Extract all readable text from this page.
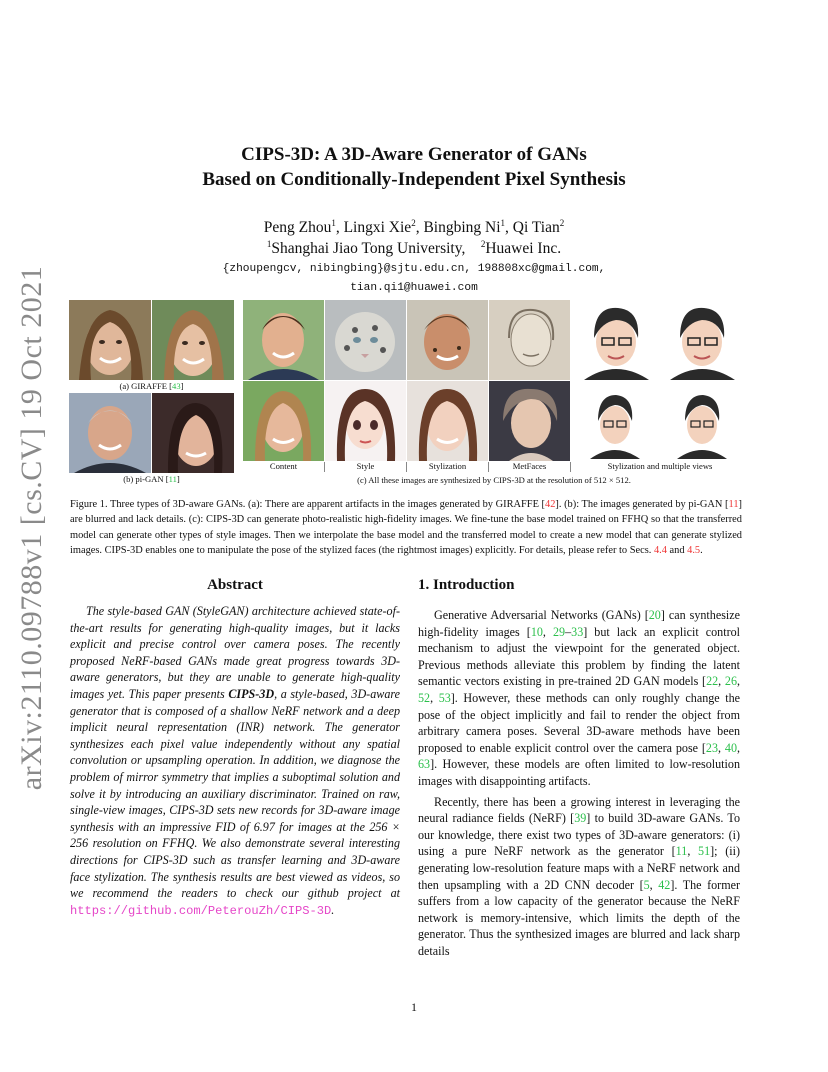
arXiv:2110.09788v1 [cs.CV] 19 Oct 2021
CIPS-3D: A 3D-Aware Generator of GANs
Based on Conditionally-Independent Pixel Synthesis
Peng Zhou$^1$, Lingxi Xie$^2$, Bingbing Ni$^1$, Qi Tian$^2$
$^1$Shanghai Jiao Tong University, $^2$Huawei Inc.
{zhoupengcv, nibingbing}@sjtu.edu.cn, 198808xc@gmail.com,
tian.qi1@huawei.com
(a) GIRAFFE [43]
(b) pi-GAN [11]
Content	Style	Stylization	MetFaces	Stylization and multiple views
(c) All these images are synthesized by CIPS-3D at the resolution of 512 × 512.
Figure 1. Three types of 3D-aware GANs. (a): There are apparent artifacts in the images generated by GIRAFFE [42]. (b): The images generated by pi-GAN [11] are blurred and lack details. (c): CIPS-3D can generate photo-realistic high-fidelity images. We fine-tune the base model trained on FFHQ so that the transferred model can generate other types of style images. Then we interpolate the base model and the transferred model to create a new model that can generate stylized images. CIPS-3D enables one to manipulate the pose of the stylized faces (the rightmost images) explicitly. For details, please refer to Secs. 4.4 and 4.5.
Abstract
The style-based GAN (StyleGAN) architecture achieved state-of-the-art results for generating high-quality images, but it lacks explicit and precise control over camera poses. The recently proposed NeRF-based GANs made great progress towards 3D-aware generators, but they are unable to generate high-quality images yet. This paper presents CIPS-3D, a style-based, 3D-aware generator that is composed of a shallow NeRF network and a deep implicit neural representation (INR) network. The generator synthesizes each pixel value independently without any spatial convolution or upsampling operation. In addition, we diagnose the problem of mirror symmetry that implies a suboptimal solution and solve it by introducing an auxiliary discriminator. Trained on raw, single-view images, CIPS-3D sets new records for 3D-aware image synthesis with an impressive FID of 6.97 for images at the 256 × 256 resolution on FFHQ. We also demonstrate several interesting directions for CIPS-3D such as transfer learning and 3D-aware face stylization. The synthesis results are best viewed as videos, so we recommend the readers to check our github project at https://github.com/PeterouZh/CIPS-3D.
1. Introduction

Generative Adversarial Networks (GANs) [20] can synthesize high-fidelity images [10, 29–33] but lack an explicit control mechanism to adjust the viewpoint for the generated object. Previous methods alleviate this problem by finding the latent semantic vectors existing in pre-trained 2D GAN models [22, 26, 52, 53]. However, these methods can only roughly change the pose of the object implicitly and fail to render the object from arbitrary camera poses. Several 3D-aware methods have been proposed to enable explicit control over the camera pose [23, 40, 63]. However, these models are often limited to low-resolution images with disappointing artifacts.

Recently, there has been a growing interest in leveraging the neural radiance fields (NeRF) [39] to build 3D-aware GANs. To our knowledge, there exist two types of 3D-aware generators: (i) using a pure NeRF network as the generator [11, 51]; (ii) generating low-resolution feature maps with a NeRF network and then upsampling with a 2D CNN decoder [5, 42]. The former suffers from a low capacity of the generator because the NeRF network is memory-intensive, which limits the depth of the generator. Thus the synthesized images are blurred and lack sharp details

1
